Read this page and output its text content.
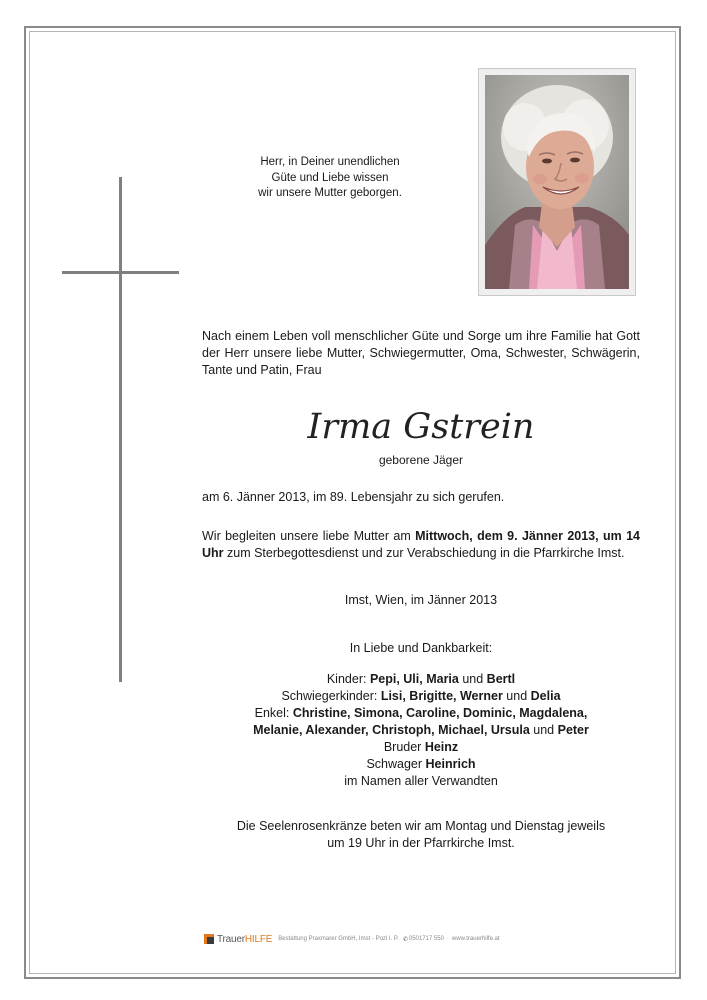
Herr, in Deiner unendlichen
Güte und Liebe wissen
wir unsere Mutter geborgen.
Nach einem Leben voll menschlicher Güte und Sorge um ihre Familie hat Gott der Herr unsere liebe Mutter, Schwiegermutter, Oma, Schwester, Schwägerin, Tante und Patin, Frau
Irma Gstrein
geborene Jäger
am 6. Jänner 2013, im 89. Lebensjahr zu sich gerufen.
Wir begleiten unsere liebe Mutter am Mittwoch, dem 9. Jänner 2013, um 14 Uhr zum Sterbegottesdienst und zur Verabschiedung in die Pfarrkirche Imst.
Imst, Wien, im Jänner 2013
In Liebe und Dankbarkeit:
Kinder: Pepi, Uli, Maria und Bertl
Schwiegerkinder: Lisi, Brigitte, Werner und Delia
Enkel: Christine, Simona, Caroline, Dominic, Magdalena,
Melanie, Alexander, Christoph, Michael, Ursula und Peter
Bruder Heinz
Schwager Heinrich
im Namen aller Verwandten
Die Seelenrosenkränze beten wir am Montag und Dienstag jeweils
um 19 Uhr in der Pfarrkirche Imst.
TrauerHILFE Bestattung Praxmarer GmbH, Imst - Pozl I. P. ✆ 0501717 550 · www.trauerhilfe.at
